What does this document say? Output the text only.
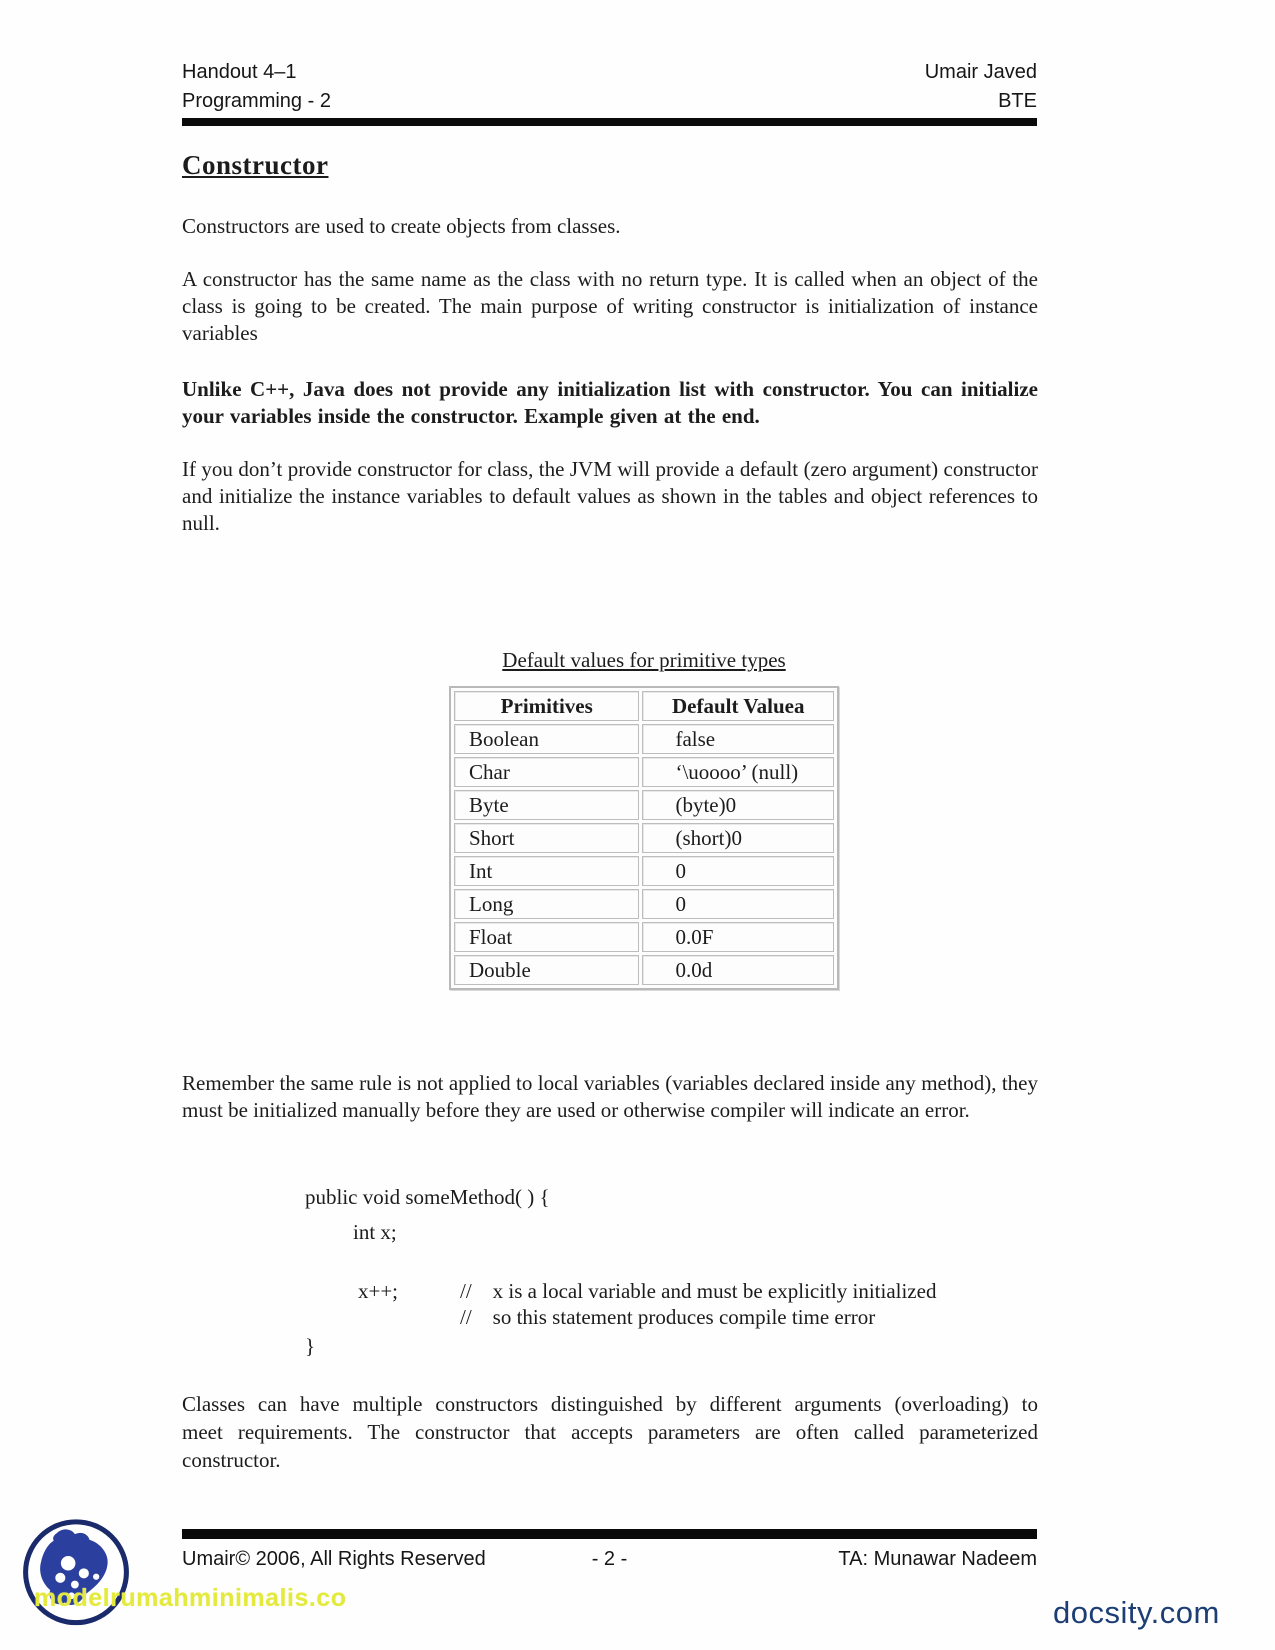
Handout 4–1
Programming - 2
Umair Javed
BTE
Constructor
Constructors are used to create objects from classes.
A constructor has the same name as the class with no return type. It is called when an object of the class is going to be created. The main purpose of writing constructor is initialization of instance variables
Unlike C++, Java does not provide any initialization list with constructor. You can initialize your variables inside the constructor. Example given at the end.
If you don’t provide constructor for class, the JVM will provide a default (zero argument) constructor and initialize the instance variables to default values as shown in the tables and object references to null.
Default values for primitive types
Primitives	Default Valuea
Boolean	false
Char	‘\uoooo’ (null)
Byte	(byte)0
Short	(short)0
Int	0
Long	0
Float	0.0F
Double	0.0d
Remember the same rule is not applied to local variables (variables declared inside any method), they must be initialized manually before they are used or otherwise compiler will indicate an error.
public void someMethod( ) {
int x;
x++;	//    x is a local variable and must be explicitly initialized
//    so this statement produces compile time error
}
Classes can have multiple constructors distinguished by different arguments (overloading) to meet requirements. The constructor that accepts parameters are often called parameterized constructor.
Umair© 2006, All Rights Reserved	- 2 -	TA: Munawar Nadeem
modelrumahminimalis.co	docsity.com
